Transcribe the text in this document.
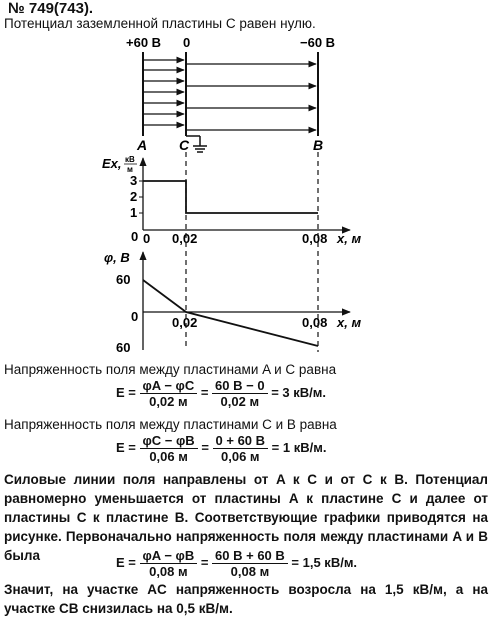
№ 749(743).
Потенциал заземленной пластины C равен нулю.
+60 В 0	−60 В
A C	B
Ex, кВ
м
3
2
1
0 0 0,02	0,08 x, м
φ, В
60
0
60
0,02	0,08 x, м
Напряженность поля между пластинами A и C равна
$E = \frac{\varphi A - \varphi C}{0,02 м} = \frac{60 В - 0}{0,02 м} = 3$ кВ/м.
Напряженность поля между пластинами C и B равна
$E = \frac{\varphi C - \varphi B}{0,06 м} = \frac{0 + 60 В}{0,06 м} = 1$ кВ/м.
Силовые линии поля направлены от A к C и от C к B. Потенциал равномерно уменьшается от пластины A к пластине C и далее от пластины C к пластине B. Соответствующие графики приводятся на рисунке. Первоначально напряженность поля между пластинами A и B была	$E = \frac{\varphi A - \varphi B}{0,08 м} = \frac{60 В + 60 В}{0,08 м} = 1,5$ кВ/м.
Значит, на участке AC напряженность возросла на 1,5 кВ/м, а на участке CB снизилась на 0,5 кВ/м.
